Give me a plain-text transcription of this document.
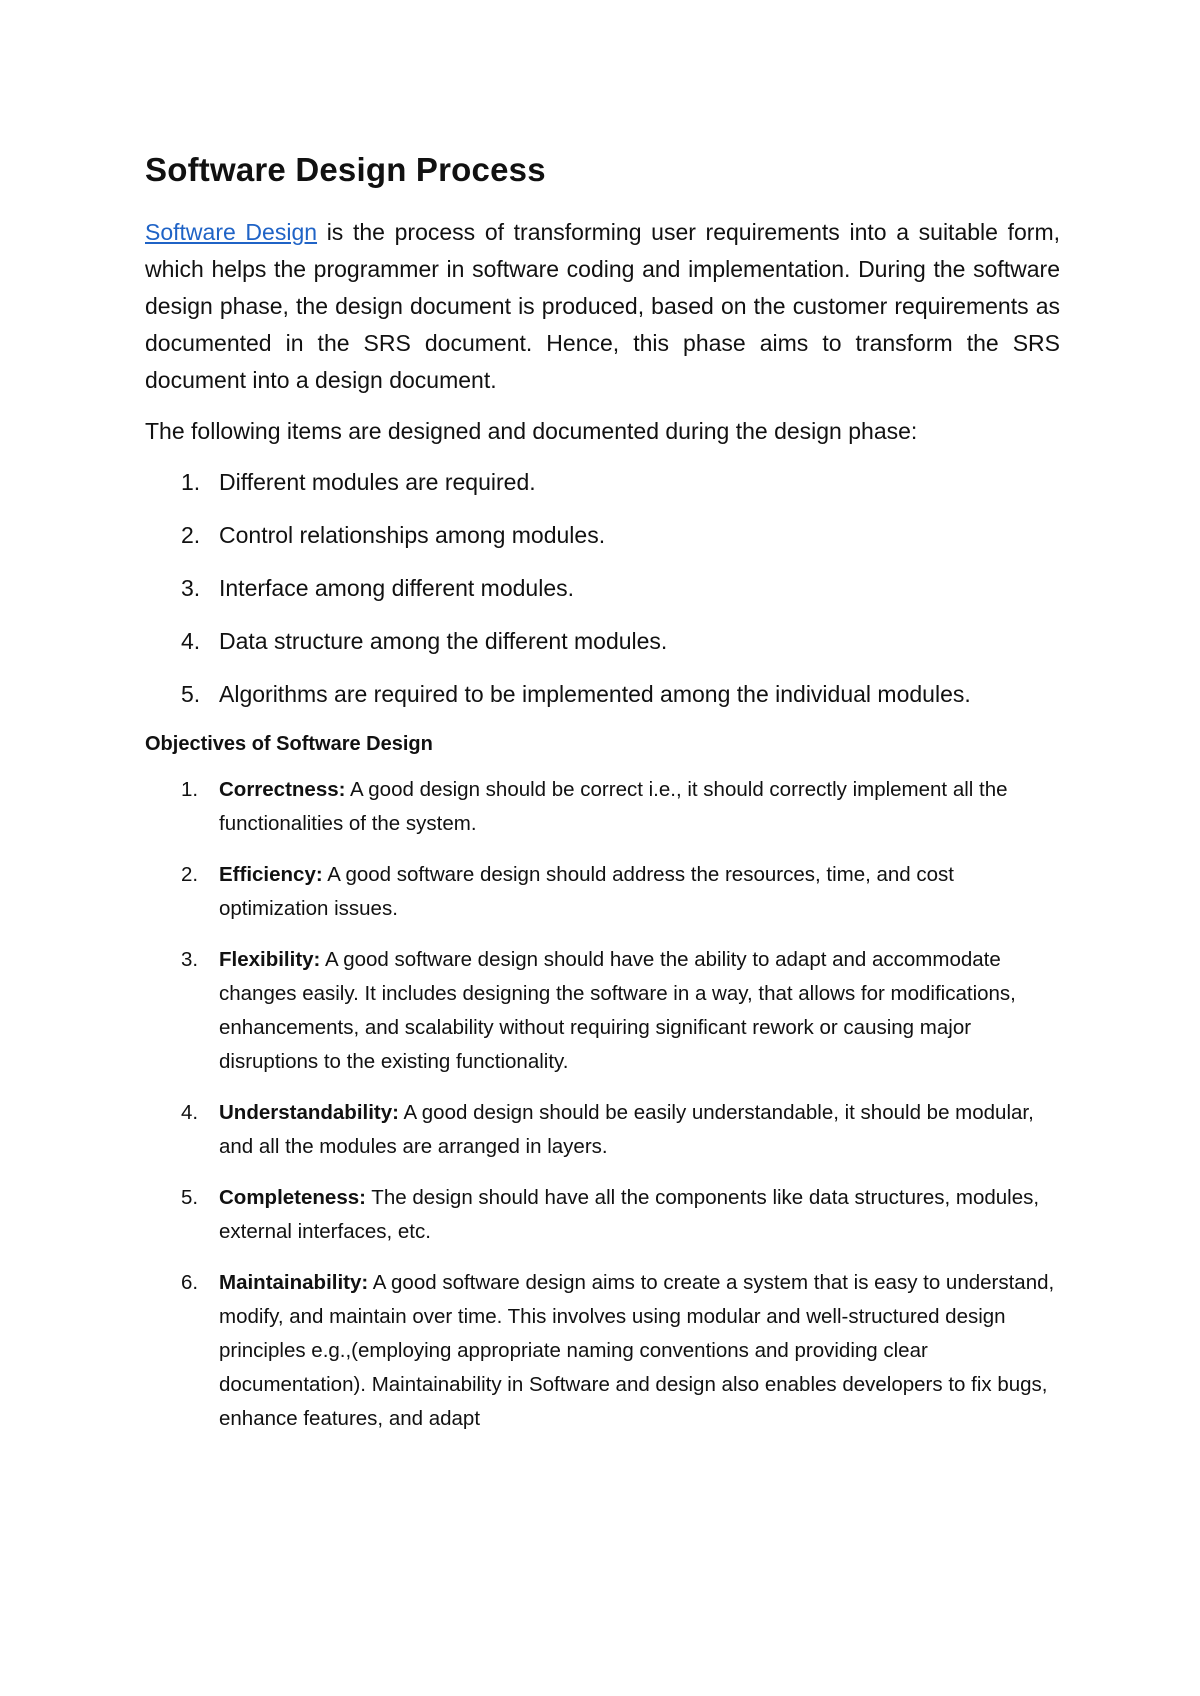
Software Design Process

Software Design is the process of transforming user requirements into a suitable form, which helps the programmer in software coding and implementation. During the software design phase, the design document is produced, based on the customer requirements as documented in the SRS document. Hence, this phase aims to transform the SRS document into a design document.

The following items are designed and documented during the design phase:

1. Different modules are required.
2. Control relationships among modules.
3. Interface among different modules.
4. Data structure among the different modules.
5. Algorithms are required to be implemented among the individual modules.
Objectives of Software Design
1. Correctness: A good design should be correct i.e., it should correctly implement all the functionalities of the system.
2. Efficiency: A good software design should address the resources, time, and cost optimization issues.
3. Flexibility: A good software design should have the ability to adapt and accommodate changes easily. It includes designing the software in a way, that allows for modifications, enhancements, and scalability without requiring significant rework or causing major disruptions to the existing functionality.
4. Understandability: A good design should be easily understandable, it should be modular, and all the modules are arranged in layers.
5. Completeness: The design should have all the components like data structures, modules, external interfaces, etc.
6. Maintainability: A good software design aims to create a system that is easy to understand, modify, and maintain over time. This involves using modular and well-structured design principles e.g.,(employing appropriate naming conventions and providing clear documentation). Maintainability in Software and design also enables developers to fix bugs, enhance features, and adapt
